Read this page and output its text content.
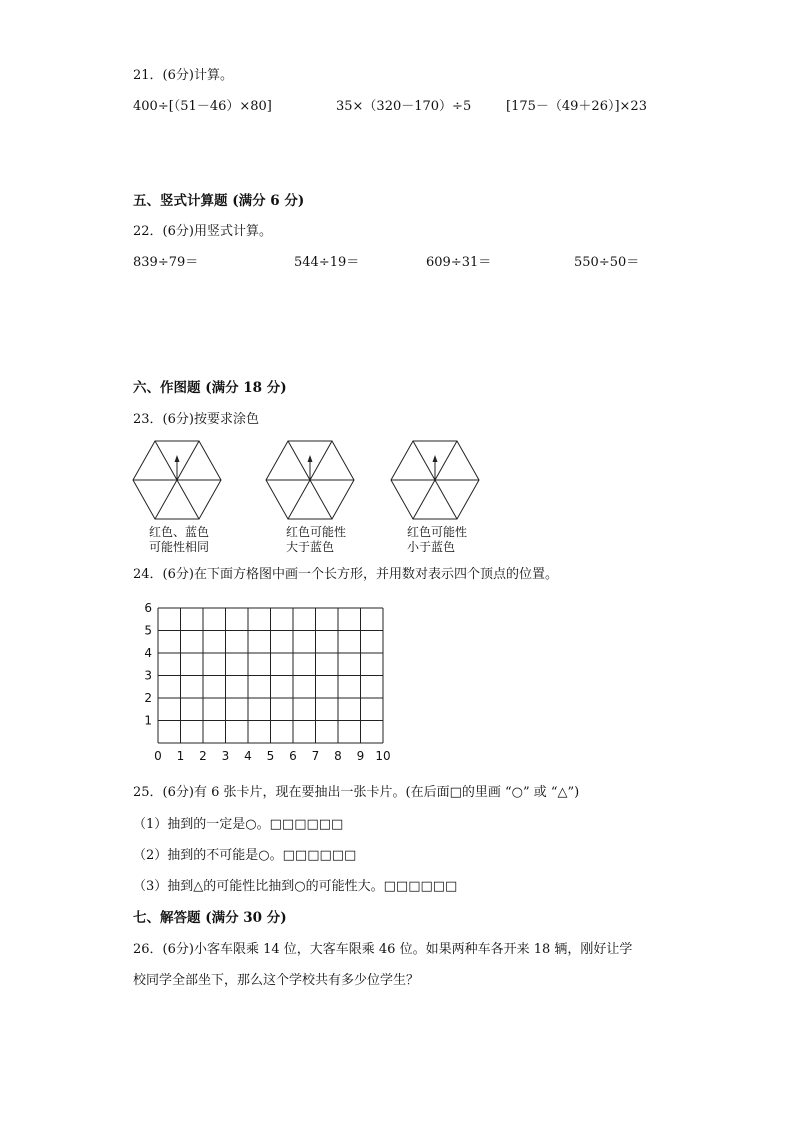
21．(6分)计算。
400÷[（51－46）×80]	35×（320－170）÷5	[175－（49＋26）]×23
五、竖式计算题 (满分 6 分)
22．(6分)用竖式计算。
839÷79＝	544÷19＝	609÷31＝	550÷50＝
六、作图题 (满分 18 分)
23．(6分)按要求涂色
红色、蓝色
可能性相同
红色可能性
大于蓝色
红色可能性
小于蓝色
24．(6分)在下面方格图中画一个长方形，并用数对表示四个顶点的位置。
0 1 2 3 4 5 6 7 8 9 10
1
2
3
4
5
6
25．(6分)有 6 张卡片，现在要抽出一张卡片。(在后面□的里画 “○” 或 “△”)
（1）抽到的一定是○。□□□□□□
（2）抽到的不可能是○。□□□□□□
（3）抽到△的可能性比抽到○的可能性大。□□□□□□
七、解答题 (满分 30 分)
26．(6分)小客车限乘 14 位，大客车限乘 46 位。如果两种车各开来 18 辆，刚好让学
校同学全部坐下，那么这个学校共有多少位学生？
